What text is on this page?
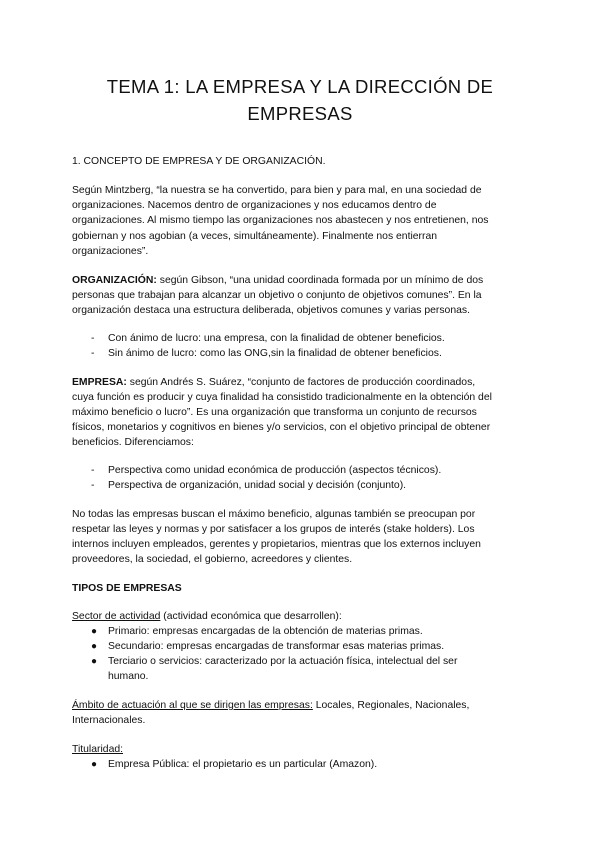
TEMA 1: LA EMPRESA Y LA DIRECCIÓN DE
EMPRESAS

1. CONCEPTO DE EMPRESA Y DE ORGANIZACIÓN.

Según Mintzberg, “la nuestra se ha convertido, para bien y para mal, en una sociedad de

organizaciones. Nacemos dentro de organizaciones y nos educamos dentro de

organizaciones. Al mismo tiempo las organizaciones nos abastecen y nos entretienen, nos

gobiernan y nos agobian (a veces, simultáneamente). Finalmente nos entierran

organizaciones”.

ORGANIZACIÓN: según Gibson, “una unidad coordinada formada por un mínimo de dos

personas que trabajan para alcanzar un objetivo o conjunto de objetivos comunes”. En la

organización destaca una estructura deliberada, objetivos comunes y varias personas.

- Con ánimo de lucro: una empresa, con la finalidad de obtener beneficios.
- Sin ánimo de lucro: como las ONG,sin la finalidad de obtener beneficios.

EMPRESA: según Andrés S. Suárez, “conjunto de factores de producción coordinados,

cuya función es producir y cuya finalidad ha consistido tradicionalmente en la obtención del

máximo beneficio o lucro”. Es una organización que transforma un conjunto de recursos

físicos, monetarios y cognitivos en bienes y/o servicios, con el objetivo principal de obtener

beneficios. Diferenciamos:

- Perspectiva como unidad económica de producción (aspectos técnicos).
- Perspectiva de organización, unidad social y decisión (conjunto).

No todas las empresas buscan el máximo beneficio, algunas también se preocupan por

respetar las leyes y normas y por satisfacer a los grupos de interés (stake holders). Los

internos incluyen empleados, gerentes y propietarios, mientras que los externos incluyen

proveedores, la sociedad, el gobierno, acreedores y clientes.

TIPOS DE EMPRESAS

Sector de actividad (actividad económica que desarrollen):

● Primario: empresas encargadas de la obtención de materias primas.
● Secundario: empresas encargadas de transformar esas materias primas.
● Terciario o servicios: caracterizado por la actuación física, intelectual del ser
humano.

Ámbito de actuación al que se dirigen las empresas: Locales, Regionales, Nacionales,

Internacionales.

Titularidad:

● Empresa Pública: el propietario es un particular (Amazon).
